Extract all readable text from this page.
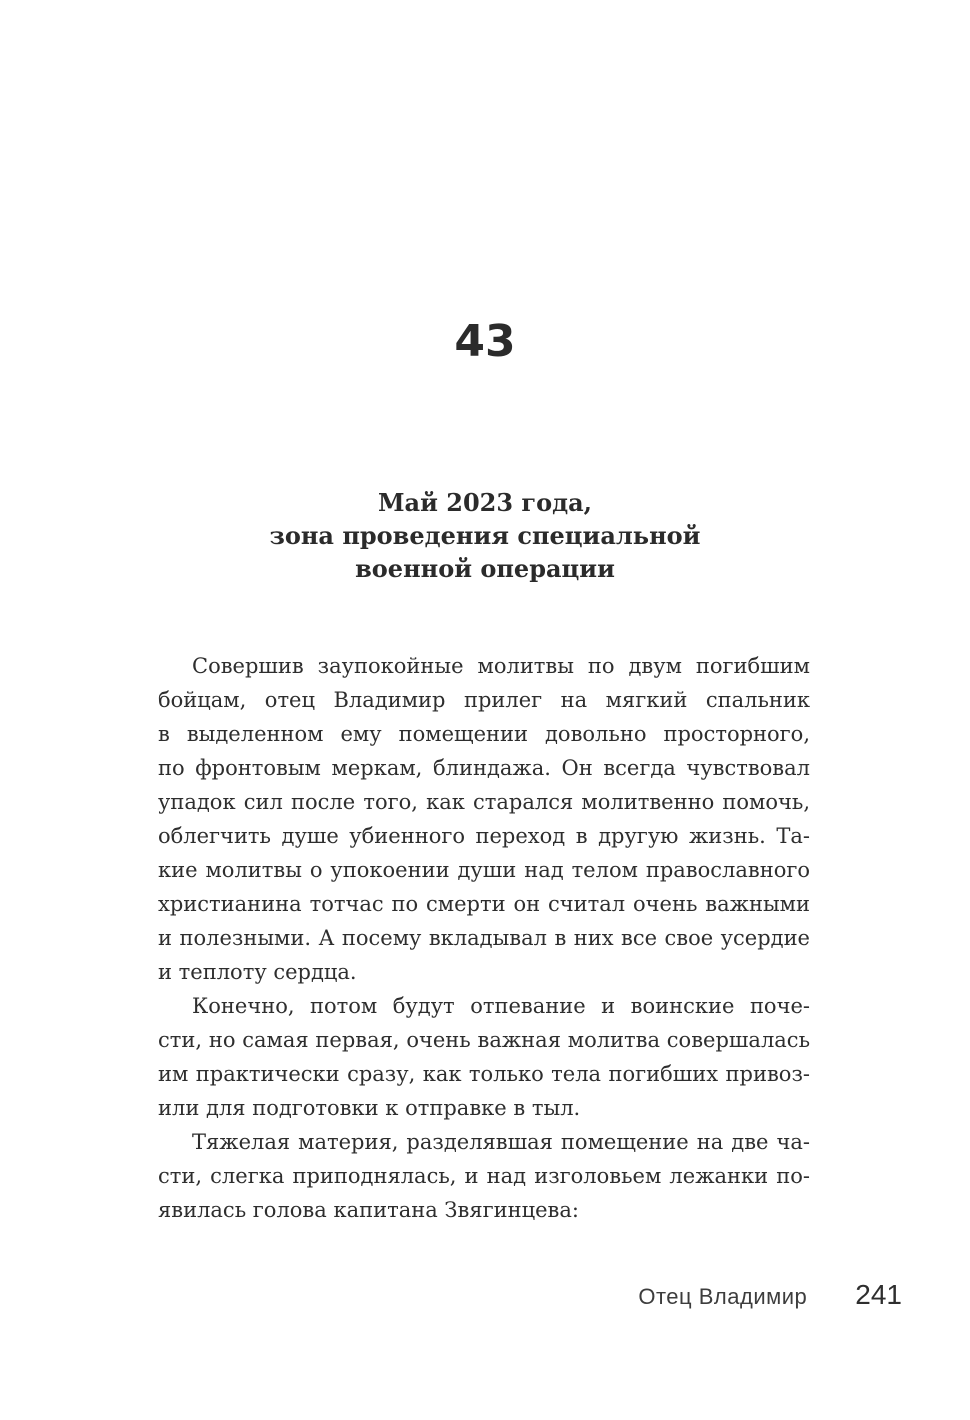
43
Май 2023 года,
зона проведения специальной
военной операции
Совершив заупокойные молитвы по двум погибшим
бойцам, отец Владимир прилег на мягкий спальник
в выделенном ему помещении довольно просторного,
по фронтовым меркам, блиндажа. Он всегда чувствовал
упадок сил после того, как старался молитвенно помочь,
облегчить душе убиенного переход в другую жизнь. Та-
кие молитвы о упокоении души над телом православного
христианина тотчас по смерти он считал очень важными
и полезными. А посему вкладывал в них все свое усердие
и теплоту сердца.
Конечно, потом будут отпевание и воинские поче-
сти, но самая первая, очень важная молитва совершалась
им практически сразу, как только тела погибших привоз-
или для подготовки к отправке в тыл.
Тяжелая материя, разделявшая помещение на две ча-
сти, слегка приподнялась, и над изголовьем лежанки по-
явилась голова капитана Звягинцева:
Отец Владимир 241
